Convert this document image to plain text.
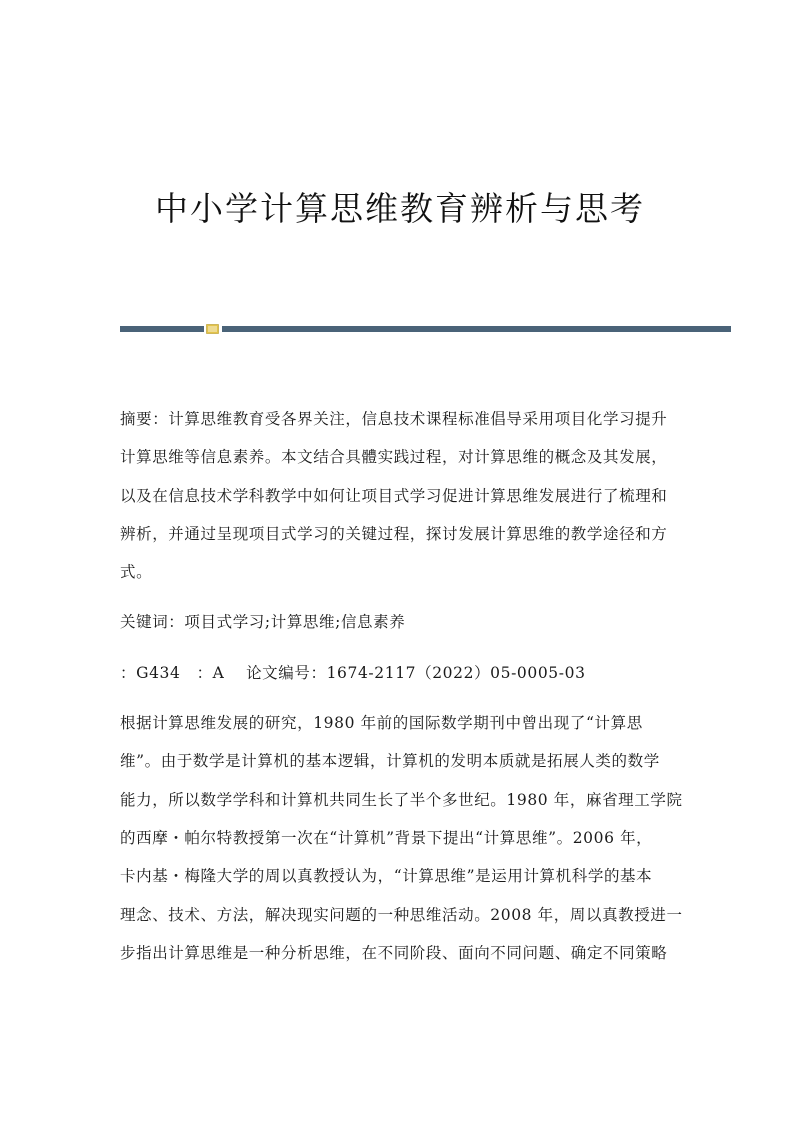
中小学计算思维教育辨析与思考

摘要：计算思维教育受各界关注，信息技术课程标准倡导采用项目化学习提升
计算思维等信息素养。本文结合具體实践过程，对计算思维的概念及其发展，
以及在信息技术学科教学中如何让项目式学习促进计算思维发展进行了梳理和
辨析，并通过呈现项目式学习的关键过程，探讨发展计算思维的教学途径和方
式。

关键词：项目式学习;计算思维;信息素养

：G434　：A　 论文编号：1674-2117（2022）05-0005-03

根据计算思维发展的研究，1980 年前的国际数学期刊中曾出现了“计算思
维”。由于数学是计算机的基本逻辑，计算机的发明本质就是拓展人类的数学
能力，所以数学学科和计算机共同生长了半个多世纪。1980 年，麻省理工学院
的西摩・帕尔特教授第一次在“计算机”背景下提出“计算思维”。2006 年，
卡内基・梅隆大学的周以真教授认为，“计算思维”是运用计算机科学的基本
理念、技术、方法，解决现实问题的一种思维活动。2008 年，周以真教授进一
步指出计算思维是一种分析思维，在不同阶段、面向不同问题、确定不同策略
